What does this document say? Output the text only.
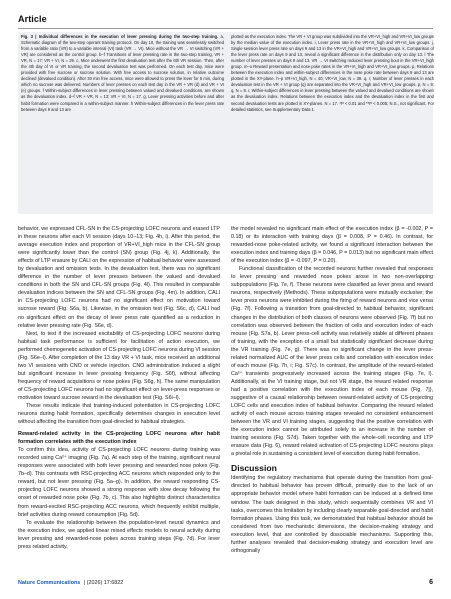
Article

Fig. 3 | Individual differences in the execution of lever pressing during the two-step training. a, Schematic diagram of the two-step operant training protocol. On day 10, the training was seamlessly switched from a variable ratio (VR) to a variable interval (VI) task (VR → VI). Mice without the VR → VI switching (VR + VR) are considered as the control group. b–f Transitions of lever pressing rate in the two-step training, VR + VR, N = 17; VR + VI, N = 29. c, Mice underwent the first devaluation test after the 6th VR session. Then, after the 4th day of VI or VR training, the second devaluation test was performed. On each test day, mice were provided with free sucrose or sucrose solution. With free access to sucrose solution, in relative outcome declined (devalued condition). After 30 min free access, mice were allowed to press the lever for 5 min, during which no sucrose was delivered. Numbers of lever presses on each test day in the VR + VR (d) and VR + VI (e) groups. f Within-subject differences in lever pressing between valued and devalued conditions, are shown as the devaluation index. d–f VR + VR, N = 13; VR + VI, N = 17. g, Lever pressing activities before and after habit formation were compared in a within-subject manner. h Within-subject differences in the lever press rate between days 9 and 13 are

plotted as the execution index. The VR + VI group was subdivided into the VR+VI_high and VR+VI_low groups by the median value of the execution index. i, Lever press rate in the VR+VI_high and VR+VI_low groups. j, Single session lever press rate on days 9 and 13 in the VR+VI_high and VR+VI_low groups. k, Comparison of the lever press rate on days 9 and 13, reveal a significant difference in the distribution only on day 13. l The number of lever presses on days 9 and 13. VR → VI switching reduced lever pressing bout in the VR+VI_high group. m–o Reward presentation and nose poke rates in the VR+VI_high and VR+VI_low groups. p, Relations between the execution index and within-subject differences in the nose poke rate between days 9 and 13 are plotted in the XY-plane. h–p VR+VI_high, N = 40; VR+VI_low, N = 39. q, r, Number of lever presses in each devaluation test in the VR + VI group (q) are separated into the VR+VI_high and VR+VI_low groups. p, N = 9; q, N = 8. r, Within-subject differences in lever pressing between the valued and devalued conditions are shown as the devaluation index. Relations between the execution index and the devaluation index in the first and second devaluation tests are plotted in XY-planes. N = 17. *P < 0.01 and **P < 0.005; N.S., not significant. For detailed statistics, see Supplementary Data 1.

behavior, we expressed CFL-SN in the CS-projecting LOFC neurons and erased LTP in these neurons after each VI session (days 10–13; Fig. 4h, i). After this period, the average execution index and proportion of VR+VI_high mice in the CFL-SN group were significantly lower than the control (SN) group (Fig. 4j, k). Additionally, the effects of LTP erasure by CALI on the expression of habitual behavior were assessed by devaluation and omission tests. In the devaluation test, there was no significant difference in the number of lever presses between the valued and devalued conditions in both the SN and CFL-SN groups (Fig. 4l). This resulted in comparable devaluation indices between the SN and CFL-SN groups (Fig. 4m). In addition, CALI in CS-projecting LOFC neurons had no significant effect on motivation toward sucrose reward (Fig. S6a, b). Likewise, in the omission test (Fig. S6c, d), CALI had no significant effect on the decay of lever press rate quantified as a reduction in relative lever pressing rate (Fig. S6e, d).

Next, to test if the increased excitability of CS-projecting LOFC neurons during habitual task performance is sufficient for facilitation of action execution, we performed chemogenetic activation of CS-projecting LOFC neurons during VI session (Fig. S6e–l). After completion of the 13 day VR + VI task, mice received an additional two VI sessions with CNO or vehicle injection. CNO administration induced a slight but significant increase in lever pressing frequency (Fig. S6f), without affecting frequency of reward acquisitions or nose pokes (Fig. S6g, h). The same manipulation of CS-projecting LOFC neurons had no significant effect on lever-press responses or motivation toward sucrose reward in the devaluation test (Fig. S6i–l).

These results indicate that training-induced potentiation in CS-projecting LOFC neurons during habit formation, specifically determines changes in execution level without affecting the transition from goal-directed to habitual strategies.

Reward-related activity in the CS-projecting LOFC neurons after habit formation correlates with the execution index

To confirm this idea, activity of CS-projecting LOFC neurons during training was recorded using Ca²⁺ imaging (Fig. 7a). At each step of the training, significant neural responses were associated with both lever pressing and rewarded nose pokes (Fig. 7b–d). This contrasts with RSC-projecting ACC neurons which responded only to the reward, but not lever pressing (Fig. 5a–g). In addition, the reward responding CS-projecting LOFC neurons showed a strong response with slow decay following the onset of rewarded nose poke (Fig. 7b, c). This also highlights distinct characteristics from reward-excited RSC-projecting ACC neurons, which frequently exhibit multiple, brief activities during reward consumption (Fig. 5d).

To evaluate the relationship between the population-level neural dynamics and the execution index, we applied linear mixed effects models to neural activity during lever pressing and rewarded-nose pokes across training steps (Fig. 7d). For lever press related activity,

the model revealed no significant main effect of the execution index (β = -0.002, P = 0.18) or its interaction with training days (β = 0.008, P = 0.46). In contrast, for rewarded-nose poke-related activity, we found a significant interaction between the execution index and training days (β = 0.046, P = 0.013) but no significant main effect of the execution index (β = -0.097, P = 0.20).

Functional classification of the recorded neurons further revealed that responses to lever pressing and rewarded nose pokes arose in two non-overlapping subpopulations (Fig. 7e, f). These neurons were classified as lever press and reward neurons, respectively (Methods). These subpopulations were mutually exclusive; the lever press neurons were inhibited during the firing of reward neurons and vice versa (Fig. 7f). Following a transition from goal-directed to habitual behavior, significant changes in the distribution of both classes of neurons were observed (Fig. 7f) but no correlation was observed between the fraction of cells and execution index of each mouse (Fig. S7a, b). Lever press-cell activity was relatively stable at different phases of training, with the exception of a small but statistically significant decrease during the VR training (Fig. 7e, g). There was no significant change in the lever press-related normalized AUC of the lever press cells and correlation with execution index of each mouse (Fig. 7h, i; Fig. S7c). In contrast, the amplitude of the reward-related Ca²⁺ transients progressively increased across the training stages (Fig. 7e, l). Additionally, at the VI training stage, but not VR stage, the reward related response had a positive correlation with the execution index of each mouse (Fig. 7j), suggestive of a causal relationship between reward-related activity of CS-projecting LOFC cells and execution index of habitual behavior. Comparing the reward related activity of each mouse across training stages revealed no consistent enhancement between the VR and VI training stages, suggesting that the positive correlation with the execution index cannot be attributed solely to an increase in the number of training sessions (Fig. S7d). Taken together with the whole-cell recording and LTP erasure data (Fig. 6), reward related activation of CS-projecting LOFC neurons plays a pivotal role in sustaining a consistent level of execution during habit formation.

Discussion

Identifying the regulatory mechanisms that operate during the transition from goal-directed to habitual behavior has proven difficult, primarily due to the lack of an appropriate behavior model where habit formation can be induced at a defined time window. The task designed in this study, which sequentially combines VR and VI tasks, overcomes this limitation by including clearly separable goal-directed and habit formation phases. Using this task, we demonstrated that habitual behavior should be considered from two mechanistic dimensions, the decision-making strategy and execution level, that are controlled by dissociable mechanisms. Supporting this, further analyses revealed that decision-making strategy and execution level are orthogonally

Nature Communications | (2026) 17:6822	6
